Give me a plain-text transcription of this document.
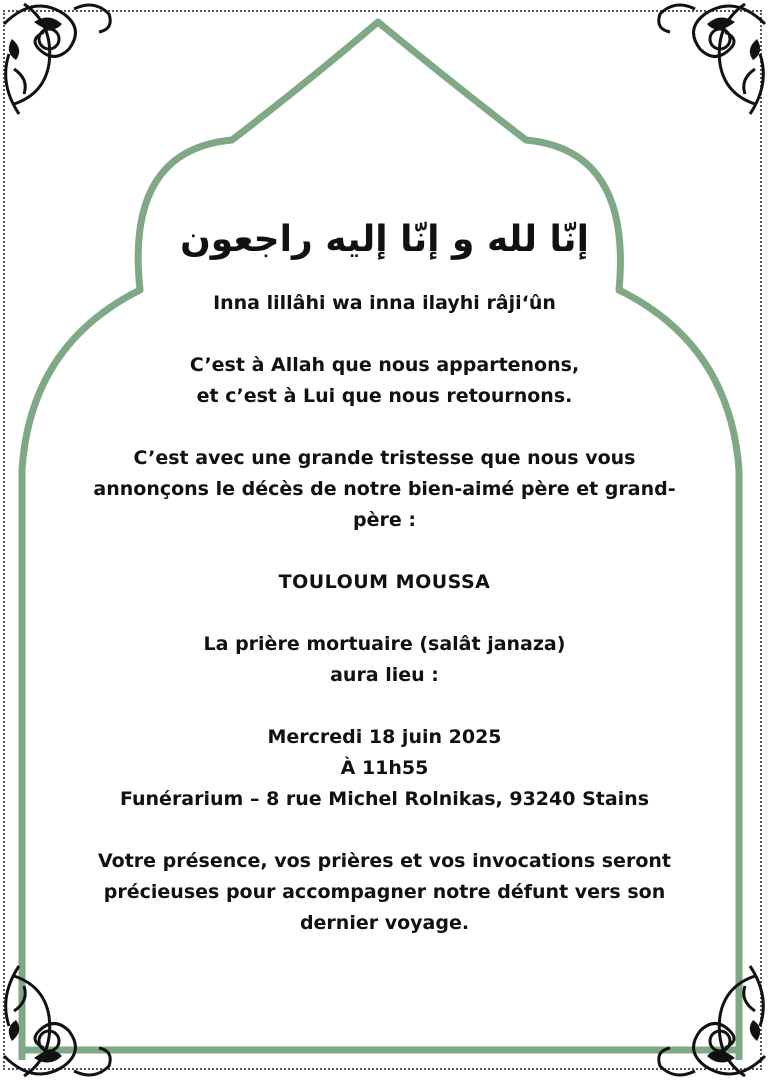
إنّا لله و إنّا إليه راجعون

Inna lillâhi wa inna ilayhi râji‘ûn

C’est à Allah que nous appartenons,

et c’est à Lui que nous retournons.

C’est avec une grande tristesse que nous vous

annonçons le décès de notre bien-aimé père et grand-

père :

TOULOUM MOUSSA

La prière mortuaire (salât janaza)

aura lieu :

Mercredi 18 juin 2025

À 11h55

Funérarium – 8 rue Michel Rolnikas, 93240 Stains

Votre présence, vos prières et vos invocations seront

précieuses pour accompagner notre défunt vers son

dernier voyage.
